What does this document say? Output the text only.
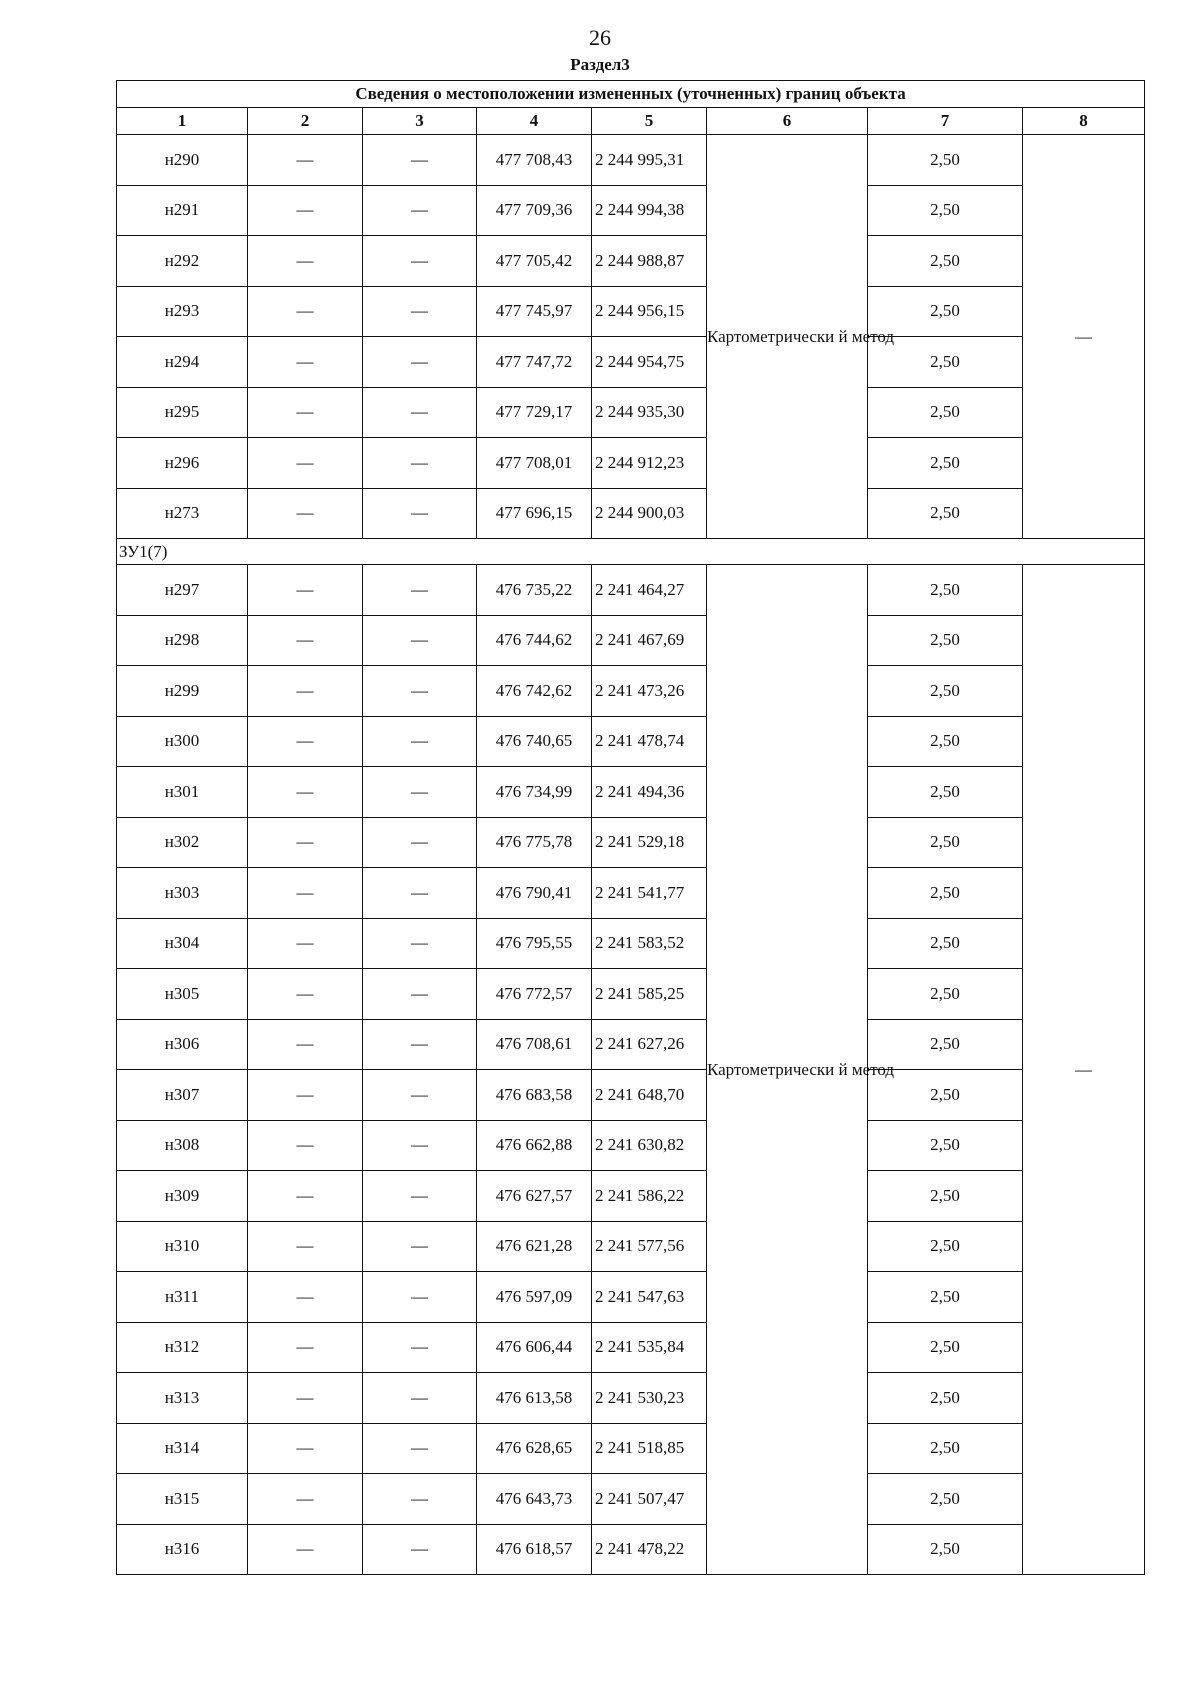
26
Раздел3
Сведения о местоположении измененных (уточненных) границ объекта							
1	2	3	4	5	6	7	8
н290	—	—	477 708,43	2 244 995,31	Картометрически й метод	2,50	—
н291	—	—	477 709,36	2 244 994,38		2,50	
н292	—	—	477 705,42	2 244 988,87		2,50	
н293	—	—	477 745,97	2 244 956,15		2,50	
н294	—	—	477 747,72	2 244 954,75		2,50	
н295	—	—	477 729,17	2 244 935,30		2,50	
н296	—	—	477 708,01	2 244 912,23		2,50	
н273	—	—	477 696,15	2 244 900,03		2,50	
ЗУ1(7)							
н297	—	—	476 735,22	2 241 464,27	Картометрически й метод	2,50	—
н298	—	—	476 744,62	2 241 467,69		2,50	
н299	—	—	476 742,62	2 241 473,26		2,50	
н300	—	—	476 740,65	2 241 478,74		2,50	
н301	—	—	476 734,99	2 241 494,36		2,50	
н302	—	—	476 775,78	2 241 529,18		2,50	
н303	—	—	476 790,41	2 241 541,77		2,50	
н304	—	—	476 795,55	2 241 583,52		2,50	
н305	—	—	476 772,57	2 241 585,25		2,50	
н306	—	—	476 708,61	2 241 627,26		2,50	
н307	—	—	476 683,58	2 241 648,70		2,50	
н308	—	—	476 662,88	2 241 630,82		2,50	
н309	—	—	476 627,57	2 241 586,22		2,50	
н310	—	—	476 621,28	2 241 577,56		2,50	
н311	—	—	476 597,09	2 241 547,63		2,50	
н312	—	—	476 606,44	2 241 535,84		2,50	
н313	—	—	476 613,58	2 241 530,23		2,50	
н314	—	—	476 628,65	2 241 518,85		2,50	
н315	—	—	476 643,73	2 241 507,47		2,50	
н316	—	—	476 618,57	2 241 478,22		2,50	
